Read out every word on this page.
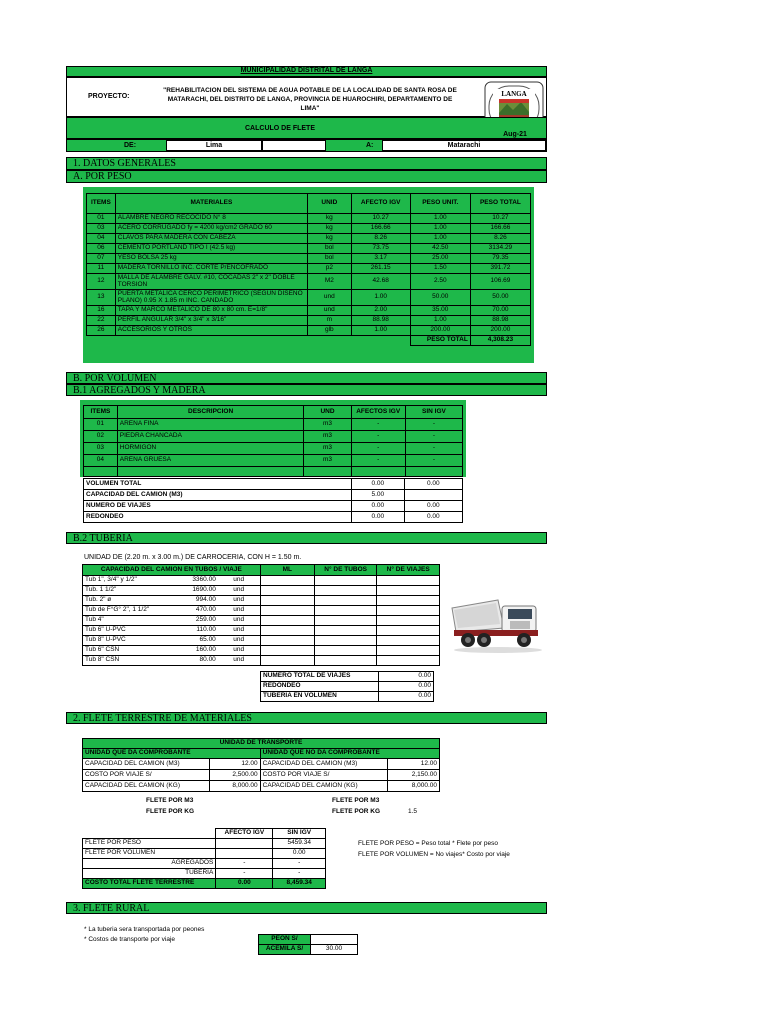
MUNICIPALIDAD DISTRITAL DE LANGA
PROYECTO:
"REHABILITACION DEL SISTEMA DE AGUA POTABLE DE LA LOCALIDAD DE SANTA ROSA DE MATARACHI, DEL DISTRITO DE LANGA, PROVINCIA DE HUAROCHIRI, DEPARTAMENTO DE LIMA"
LANGA
CALCULO DE FLETE
Aug-21
DE:	Lima	A:	Matarachi
1. DATOS GENERALES
A. POR PESO
ITEMS	MATERIALES	UNID	AFECTO IGV	PESO UNIT.	PESO TOTAL
01	ALAMBRE NEGRO RECOCIDO N° 8	kg	10.27	1.00	10.27
03	ACERO CORRUGADO fy = 4200 kg/cm2 GRADO 60	kg	166.66	1.00	166.66
04	CLAVOS PARA MADERA CON CABEZA	kg	8.26	1.00	8.26
06	CEMENTO PORTLAND TIPO I (42.5 kg)	bol	73.75	42.50	3134.29
07	YESO BOLSA 25 kg	bol	3.17	25.00	79.35
11	MADERA TORNILLO INC. CORTE P/ENCOFRADO	p2	261.15	1.50	391.72
12	MALLA DE ALAMBRE GALV. #10, COCADAS 2" x 2" DOBLE TORSION	M2	42.68	2.50	106.69
13	PUERTA METALICA CERCO PERIMETRICO (SEGUN DISEÑO PLANO) 0.95 X 1.85 m INC. CANDADO	und	1.00	50.00	50.00
16	TAPA Y MARCO METALICO DE 80 x 80 cm. E=1/8"	und	2.00	35.00	70.00
22	PERFIL ANGULAR 3/4" x 3/4" x 3/16"	m	88.98	1.00	88.98
26	ACCESORIOS Y OTROS	glb	1.00	200.00	200.00
				PESO TOTAL	4,308.23
B. POR VOLUMEN
B.1 AGREGADOS Y MADERA
ITEMS	DESCRIPCION	UND	AFECTOS IGV	SIN IGV
01	ARENA FINA	m3	-	-
02	PIEDRA CHANCADA	m3	-	-
03	HORMIGON	m3	-	-
04	ARENA GRUESA	m3	-	-

VOLUMEN TOTAL	0.00	0.00
CAPACIDAD DEL CAMION (M3)	5.00	
NUMERO DE VIAJES	0.00	0.00
REDONDEO	0.00	0.00
B.2 TUBERIA
UNIDAD DE (2.20 m. x 3.00 m.) DE CARROCERIA, CON H = 1.50 m.
CAPACIDAD DEL CAMION EN TUBOS / VIAJE			ML	N° DE TUBOS	N° DE VIAJES
Tub 1", 3/4" y 1/2"	3360.00	und			
Tub. 1 1/2"	1690.00	und			
Tub. 2" ø	994.00	und			
Tub de F°G° 2", 1 1/2"	470.00	und			
Tub 4"	259.00	und			
Tub 6" U-PVC	110.00	und			
Tub 8" U-PVC	65.00	und			
Tub 6" CSN	160.00	und			
Tub 8" CSN	80.00	und			
NUMERO TOTAL DE VIAJES	0.00
REDONDEO	0.00
TUBERIA EN VOLUMEN	0.00
2. FLETE TERRESTRE DE MATERIALES
UNIDAD DE TRANSPORTE			
UNIDAD QUE DA COMPROBANTE		UNIDAD QUE NO DA COMPROBANTE	
CAPACIDAD DEL CAMION (M3)	12.00	CAPACIDAD DEL CAMION (M3)	12.00
COSTO POR VIAJE S/	2,500.00	COSTO POR VIAJE S/	2,150.00
CAPACIDAD DEL CAMION (KG)	8,000.00	CAPACIDAD DEL CAMION (KG)	8,000.00
FLETE POR M3	FLETE POR M3
FLETE POR KG	FLETE POR KG	1.5
		AFECTO IGV	SIN IGV
FLETE POR PESO			5459.34
FLETE POR VOLUMEN			0.00
	AGREGADOS	-	-
	TUBERIA	-	-
COSTO TOTAL FLETE TERRESTRE		0.00	8,459.34
FLETE POR PESO = Peso total * Flete por peso
FLETE POR VOLUMEN = No viajes* Costo por viaje
3. FLETE RURAL
* La tuberia sera transportada por peones
* Costos de transporte por viaje	PEON S/	
ACEMILA S/	30.00
